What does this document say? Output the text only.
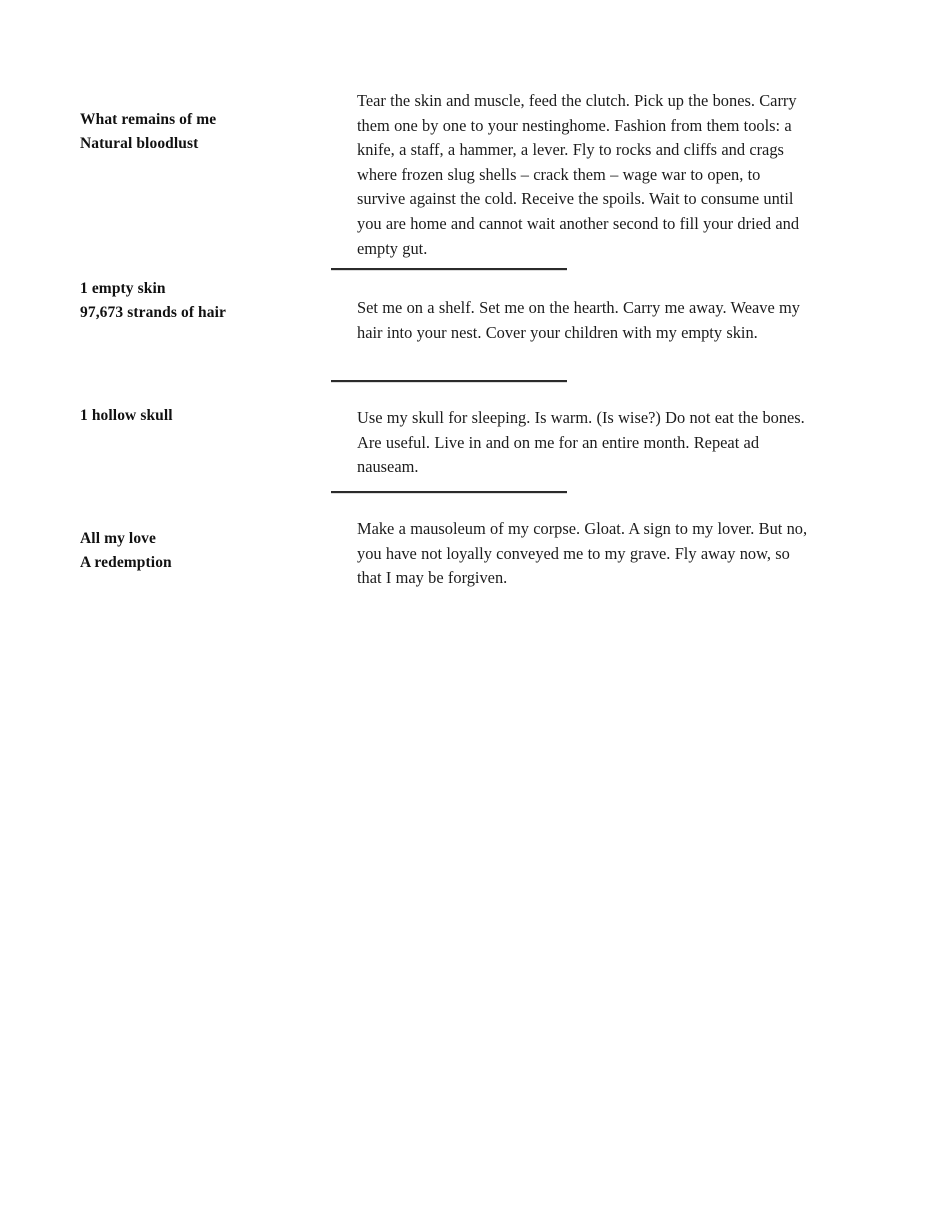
What remains of me
Natural bloodlust
Tear the skin and muscle, feed the clutch. Pick up the bones. Carry them one by one to your nestinghome. Fashion from them tools: a knife, a staff, a hammer, a lever. Fly to rocks and cliffs and crags where frozen slug shells – crack them – wage war to open, to survive against the cold. Receive the spoils. Wait to consume until you are home and cannot wait another second to fill your dried and empty gut.
1 empty skin
97,673 strands of hair	Set me on a shelf. Set me on the hearth. Carry me away. Weave my hair into your nest. Cover your children with my empty skin.
1 hollow skull	Use my skull for sleeping. Is warm. (Is wise?) Do not eat the bones. Are useful. Live in and on me for an entire month. Repeat ad nauseam.
All my love
A redemption
Make a mausoleum of my corpse. Gloat. A sign to my lover. But no, you have not loyally conveyed me to my grave. Fly away now, so that I may be forgiven.
